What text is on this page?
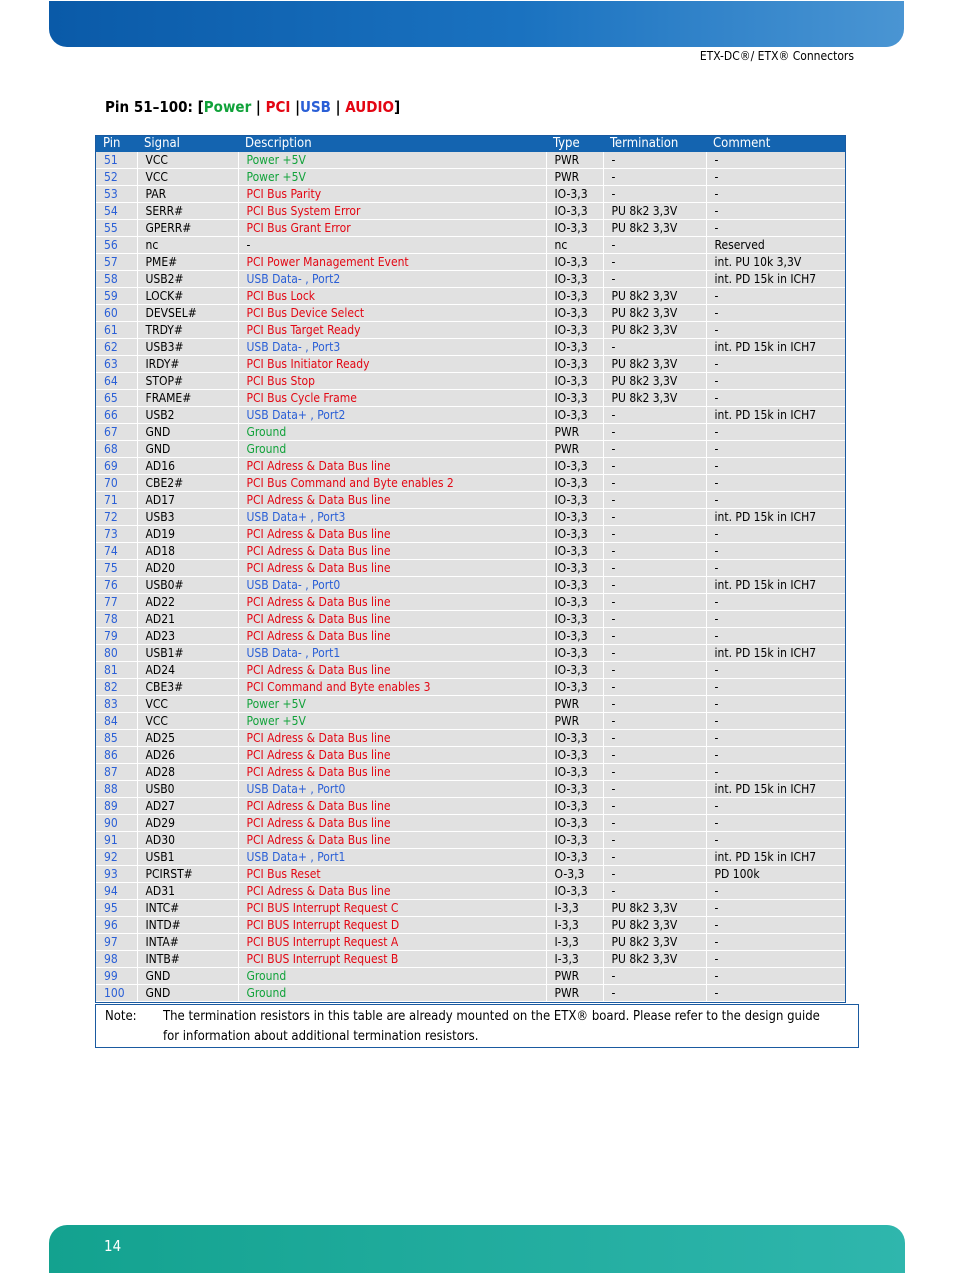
ETX-DC®/ ETX® Connectors
Pin 51–100: [Power | PCI |USB | AUDIO]
Pin	Signal	Description	Type	Termination	Comment
51	VCC	Power +5V	PWR	-	-
52	VCC	Power +5V	PWR	-	-
53	PAR	PCI Bus Parity	IO-3,3	-	-
54	SERR#	PCI Bus System Error	IO-3,3	PU 8k2 3,3V	-
55	GPERR#	PCI Bus Grant Error	IO-3,3	PU 8k2 3,3V	-
56	nc	-	nc	-	Reserved
57	PME#	PCI Power Management Event	IO-3,3	-	int. PU 10k 3,3V
58	USB2#	USB Data- , Port2	IO-3,3	-	int. PD 15k in ICH7
59	LOCK#	PCI Bus Lock	IO-3,3	PU 8k2 3,3V	-
60	DEVSEL#	PCI Bus Device Select	IO-3,3	PU 8k2 3,3V	-
61	TRDY#	PCI Bus Target Ready	IO-3,3	PU 8k2 3,3V	-
62	USB3#	USB Data- , Port3	IO-3,3	-	int. PD 15k in ICH7
63	IRDY#	PCI Bus Initiator Ready	IO-3,3	PU 8k2 3,3V	-
64	STOP#	PCI Bus Stop	IO-3,3	PU 8k2 3,3V	-
65	FRAME#	PCI Bus Cycle Frame	IO-3,3	PU 8k2 3,3V	-
66	USB2	USB Data+ , Port2	IO-3,3	-	int. PD 15k in ICH7
67	GND	Ground	PWR	-	-
68	GND	Ground	PWR	-	-
69	AD16	PCI Adress & Data Bus line	IO-3,3	-	-
70	CBE2#	PCI Bus Command and Byte enables 2	IO-3,3	-	-
71	AD17	PCI Adress & Data Bus line	IO-3,3	-	-
72	USB3	USB Data+ , Port3	IO-3,3	-	int. PD 15k in ICH7
73	AD19	PCI Adress & Data Bus line	IO-3,3	-	-
74	AD18	PCI Adress & Data Bus line	IO-3,3	-	-
75	AD20	PCI Adress & Data Bus line	IO-3,3	-	-
76	USB0#	USB Data- , Port0	IO-3,3	-	int. PD 15k in ICH7
77	AD22	PCI Adress & Data Bus line	IO-3,3	-	-
78	AD21	PCI Adress & Data Bus line	IO-3,3	-	-
79	AD23	PCI Adress & Data Bus line	IO-3,3	-	-
80	USB1#	USB Data- , Port1	IO-3,3	-	int. PD 15k in ICH7
81	AD24	PCI Adress & Data Bus line	IO-3,3	-	-
82	CBE3#	PCI Command and Byte enables 3	IO-3,3	-	-
83	VCC	Power +5V	PWR	-	-
84	VCC	Power +5V	PWR	-	-
85	AD25	PCI Adress & Data Bus line	IO-3,3	-	-
86	AD26	PCI Adress & Data Bus line	IO-3,3	-	-
87	AD28	PCI Adress & Data Bus line	IO-3,3	-	-
88	USB0	USB Data+ , Port0	IO-3,3	-	int. PD 15k in ICH7
89	AD27	PCI Adress & Data Bus line	IO-3,3	-	-
90	AD29	PCI Adress & Data Bus line	IO-3,3	-	-
91	AD30	PCI Adress & Data Bus line	IO-3,3	-	-
92	USB1	USB Data+ , Port1	IO-3,3	-	int. PD 15k in ICH7
93	PCIRST#	PCI Bus Reset	O-3,3	-	PD 100k
94	AD31	PCI Adress & Data Bus line	IO-3,3	-	-
95	INTC#	PCI BUS Interrupt Request C	I-3,3	PU 8k2 3,3V	-
96	INTD#	PCI BUS Interrupt Request D	I-3,3	PU 8k2 3,3V	-
97	INTA#	PCI BUS Interrupt Request A	I-3,3	PU 8k2 3,3V	-
98	INTB#	PCI BUS Interrupt Request B	I-3,3	PU 8k2 3,3V	-
99	GND	Ground	PWR	-	-
100	GND	Ground	PWR	-	-
Note: The termination resistors in this table are already mounted on the ETX® board. Please refer to the design guide for information about additional termination resistors.
14
